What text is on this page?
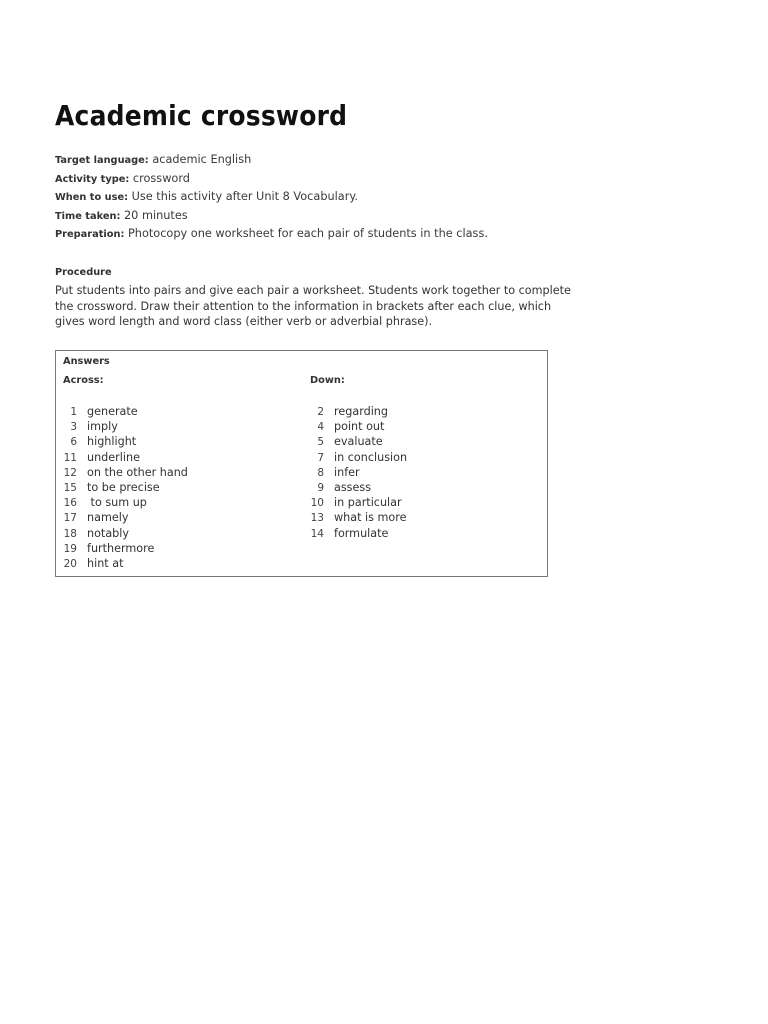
Academic crossword
Target language: academic English
Activity type: crossword
When to use: Use this activity after Unit 8 Vocabulary.
Time taken: 20 minutes
Preparation: Photocopy one worksheet for each pair of students in the class.
Procedure
Put students into pairs and give each pair a worksheet. Students work together to complete
the crossword. Draw their attention to the information in brackets after each clue, which
gives word length and word class (either verb or adverbial phrase).
Answers
Across:	Down:
1 generate
3 imply
6 highlight
11 underline
12 on the other hand
15 to be precise
16 to sum up
17 namely
18 notably
19 furthermore
20 hint at
2 regarding
4 point out
5 evaluate
7 in conclusion
8 infer
9 assess
10 in particular
13 what is more
14 formulate
